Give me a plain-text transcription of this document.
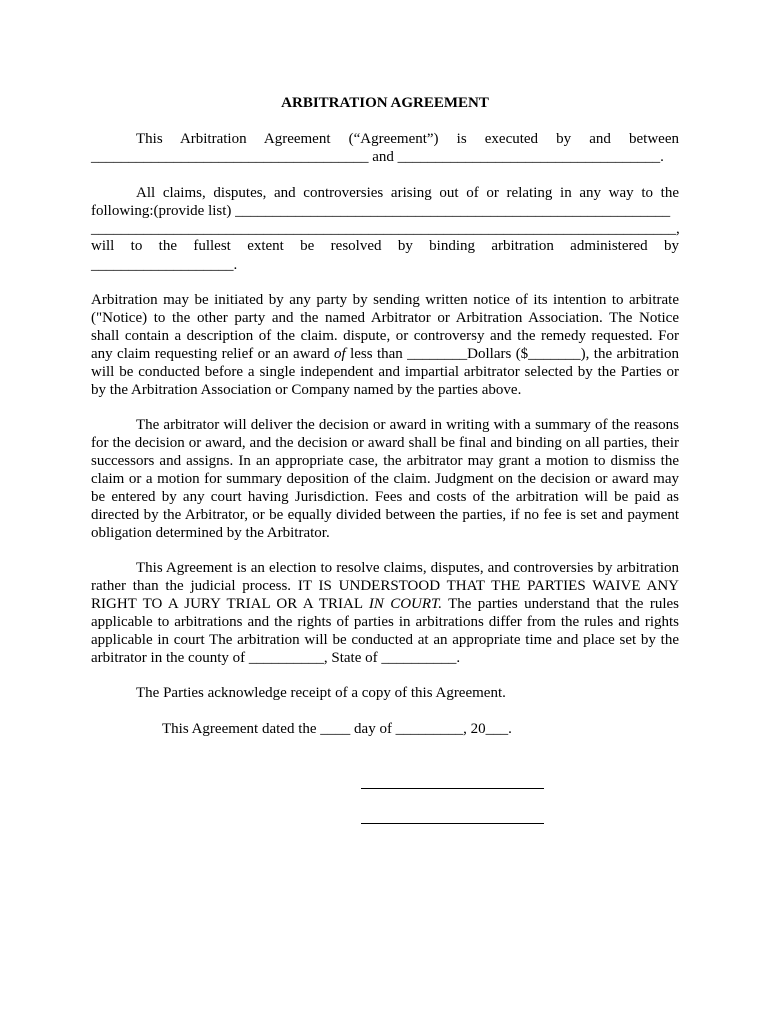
ARBITRATION AGREEMENT
This Arbitration Agreement (“Agreement”) is executed by and between
_____________________________________ and ___________________________________.
All claims, disputes, and controversies arising out of or relating in any way to the
following:(provide list) __________________________________________________________
______________________________________________________________________________,
will to the fullest extent be resolved by binding arbitration administered by
___________________.
Arbitration may be initiated by any party by sending written notice of its intention to arbitrate
("Notice) to the other party and the named Arbitrator or Arbitration Association. The Notice
shall contain a description of the claim. dispute, or controversy and the remedy requested. For
any claim requesting relief or an award of less than ________Dollars ($_______), the arbitration
will be conducted before a single independent and impartial arbitrator selected by the Parties or
by the Arbitration Association or Company named by the parties above.
The arbitrator will deliver the decision or award in writing with a summary of the reasons
for the decision or award, and the decision or award shall be final and binding on all parties, their
successors and assigns. In an appropriate case, the arbitrator may grant a motion to dismiss the
claim or a motion for summary deposition of the claim. Judgment on the decision or award may
be entered by any court having Jurisdiction. Fees and costs of the arbitration will be paid as
directed by the Arbitrator, or be equally divided between the parties, if no fee is set and payment
obligation determined by the Arbitrator.
This Agreement is an election to resolve claims, disputes, and controversies by arbitration
rather than the judicial process. IT IS UNDERSTOOD THAT THE PARTIES WAIVE ANY
RIGHT TO A JURY TRIAL OR A TRIAL IN COURT. The parties understand that the rules
applicable to arbitrations and the rights of parties in arbitrations differ from the rules and rights
applicable in court The arbitration will be conducted at an appropriate time and place set by the
arbitrator in the county of __________, State of __________.
The Parties acknowledge receipt of a copy of this Agreement.
This Agreement dated the ____ day of _________, 20___.
